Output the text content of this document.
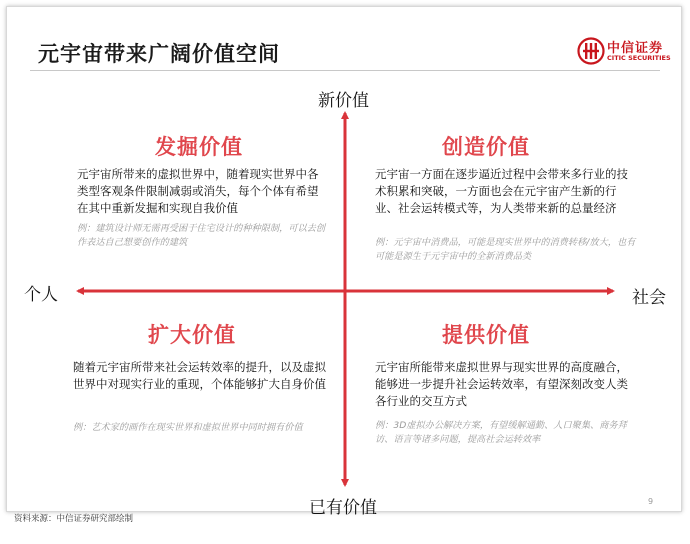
元宇宙带来广阔价值空间	中信证券
CITIC SECURITIES
新价值
已有价值
个人	社会
发掘价值
元宇宙所带来的虚拟世界中，随着现实世界中各类型客观条件限制减弱或消失，每个个体有希望在其中重新发掘和实现自我价值
例：建筑设计师无需再受困于住宅设计的种种限制，可以去创作表达自己想要创作的建筑
创造价值
元宇宙一方面在逐步逼近过程中会带来多行业的技术积累和突破，一方面也会在元宇宙产生新的行业、社会运转模式等，为人类带来新的总量经济
例：元宇宙中消费品，可能是现实世界中的消费转移/放大，也有可能是源生于元宇宙中的全新消费品类
扩大价值
随着元宇宙所带来社会运转效率的提升，以及虚拟世界中对现实行业的重现，个体能够扩大自身价值
例：艺术家的画作在现实世界和虚拟世界中同时拥有价值
提供价值
元宇宙所能带来虚拟世界与现实世界的高度融合，能够进一步提升社会运转效率，有望深刻改变人类各行业的交互方式
例：3D虚拟办公解决方案，有望缓解通勤、人口聚集、商务拜访、语言等诸多问题，提高社会运转效率
9
资料来源：中信证券研究部绘制
